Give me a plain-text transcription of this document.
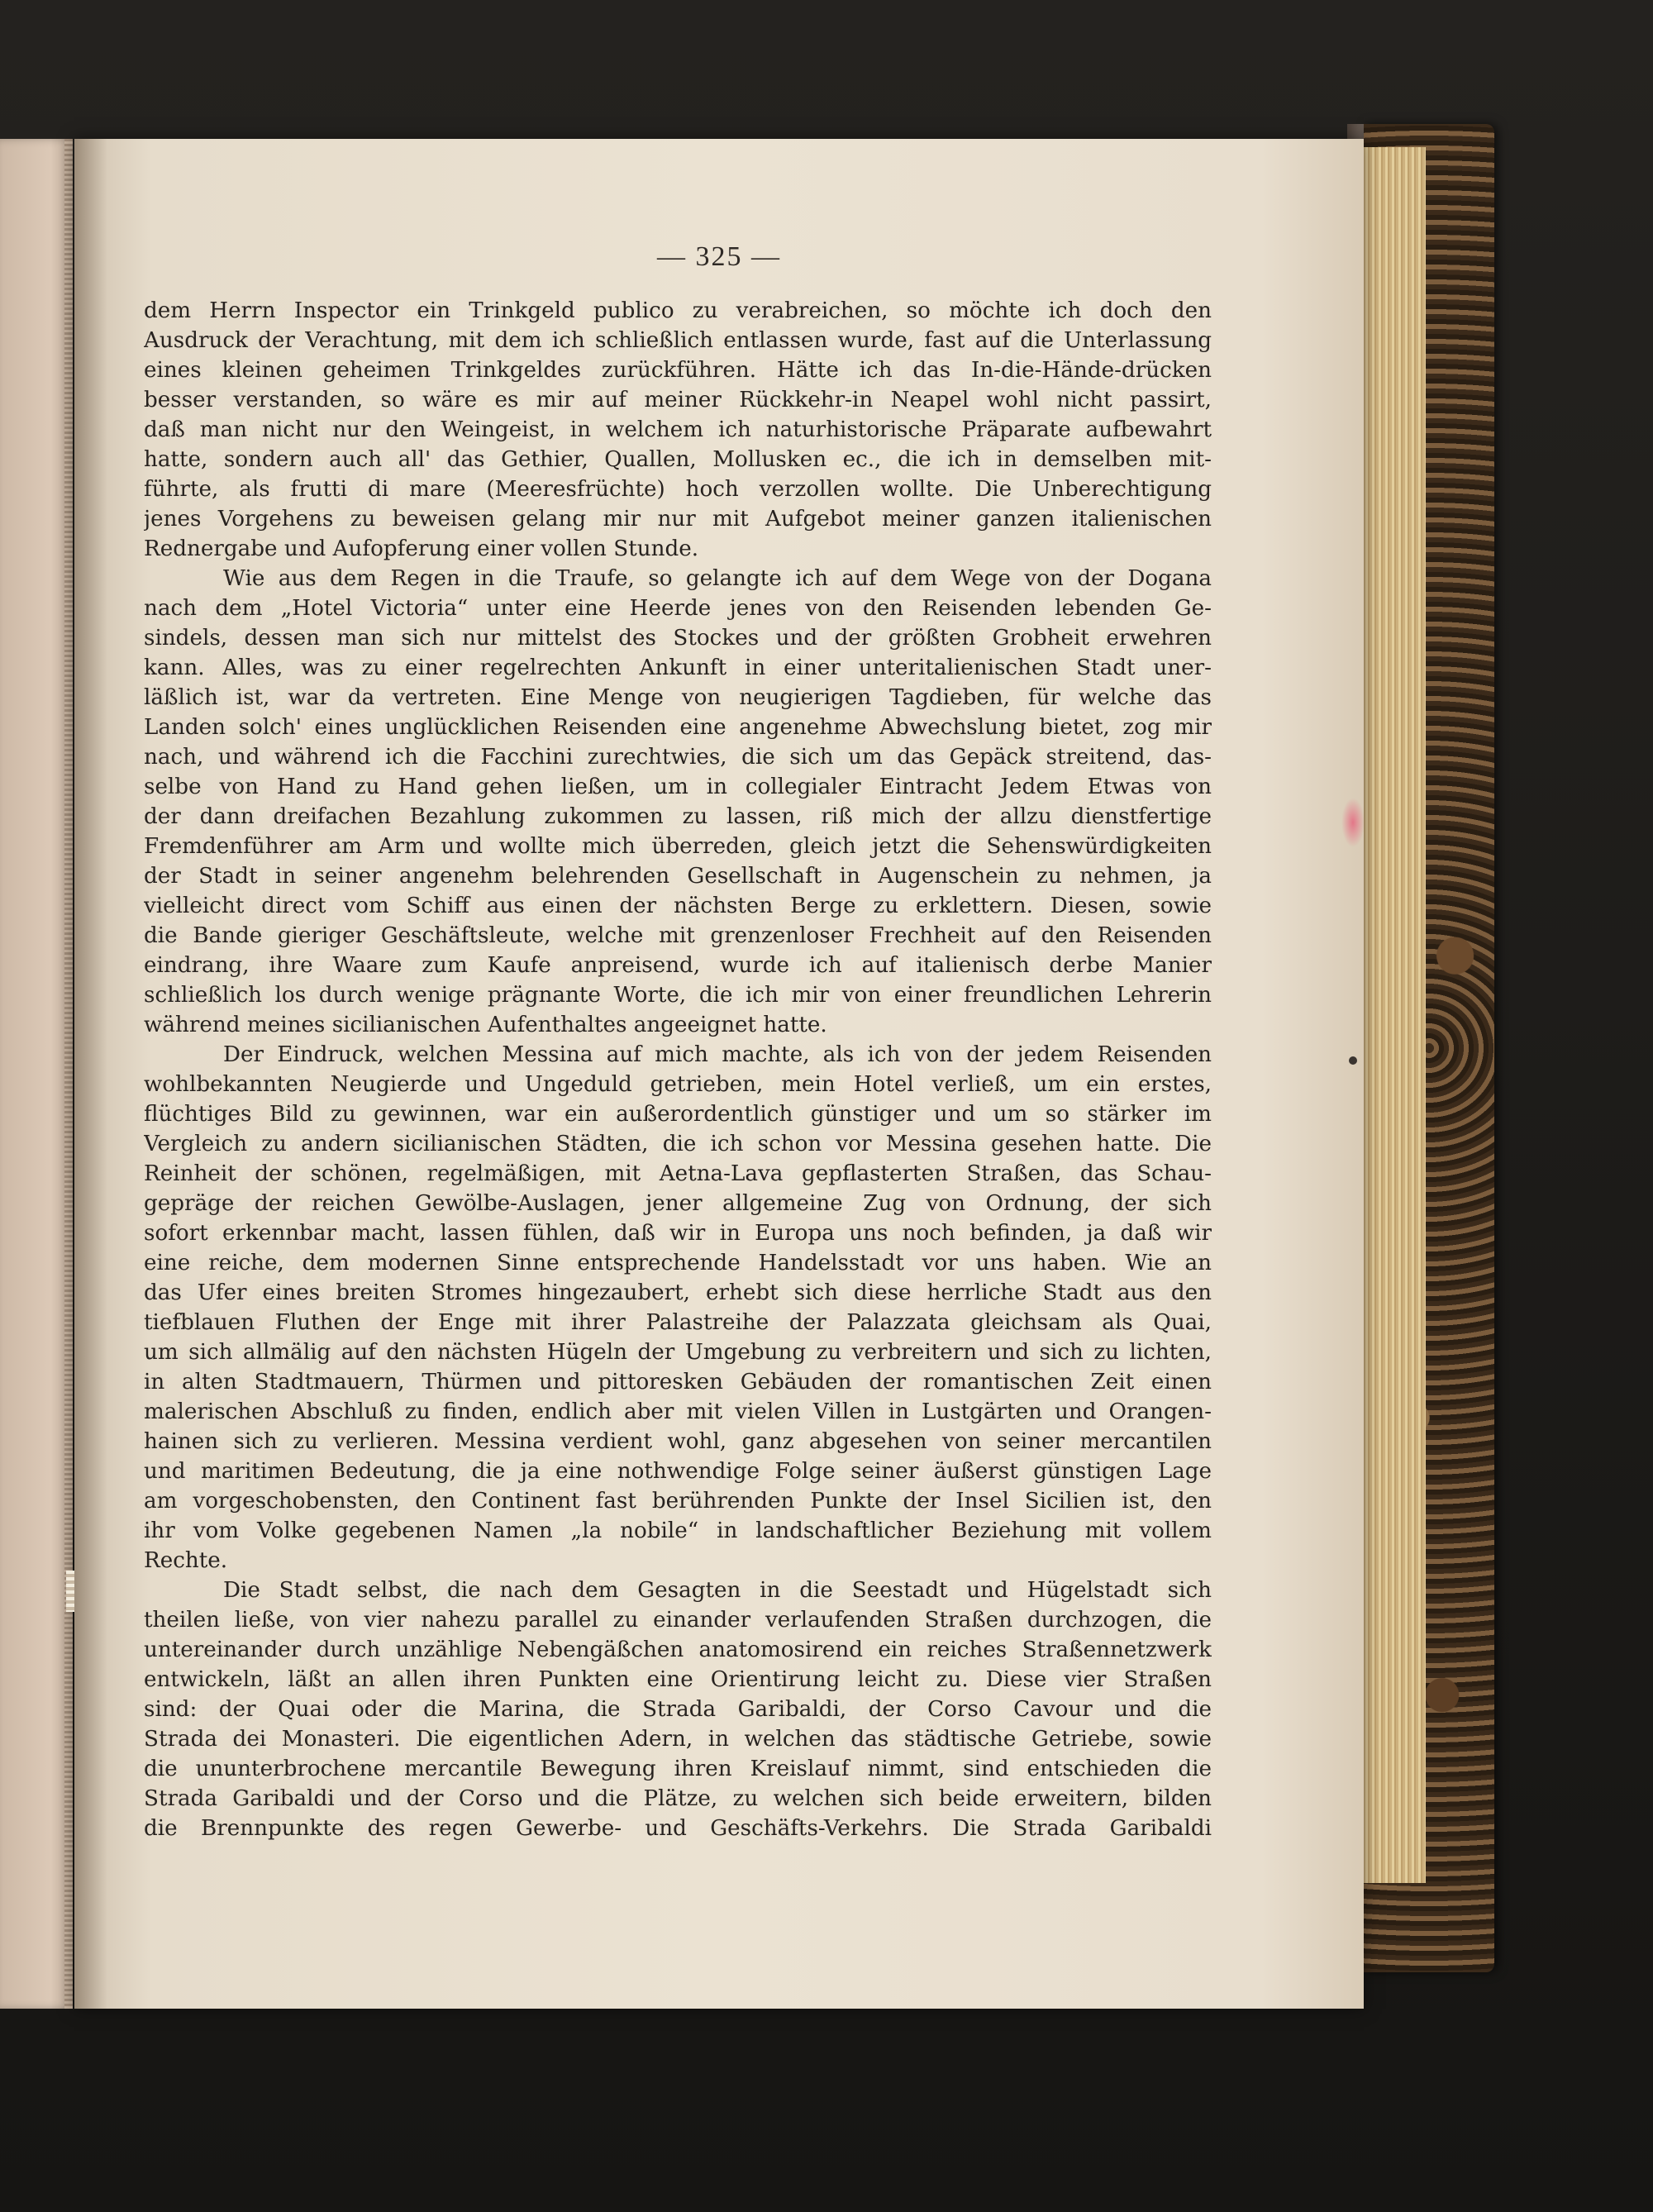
— 325 —
dem Herrn Inspector ein Trinkgeld publico zu verabreichen, so möchte ich doch den
Ausdruck der Verachtung, mit dem ich schließlich entlassen wurde, fast auf die Unterlassung
eines kleinen geheimen Trinkgeldes zurückführen. Hätte ich das In-die-Hände-drücken
besser verstanden, so wäre es mir auf meiner Rückkehr-in Neapel wohl nicht passirt,
daß man nicht nur den Weingeist, in welchem ich naturhistorische Präparate aufbewahrt
hatte, sondern auch all' das Gethier, Quallen, Mollusken ec., die ich in demselben mit-
führte, als frutti di mare (Meeresfrüchte) hoch verzollen wollte. Die Unberechtigung
jenes Vorgehens zu beweisen gelang mir nur mit Aufgebot meiner ganzen italienischen
Rednergabe und Aufopferung einer vollen Stunde.
Wie aus dem Regen in die Traufe, so gelangte ich auf dem Wege von der Dogana
nach dem „Hotel Victoria“ unter eine Heerde jenes von den Reisenden lebenden Ge-
sindels, dessen man sich nur mittelst des Stockes und der größten Grobheit erwehren
kann. Alles, was zu einer regelrechten Ankunft in einer unteritalienischen Stadt uner-
läßlich ist, war da vertreten. Eine Menge von neugierigen Tagdieben, für welche das
Landen solch' eines unglücklichen Reisenden eine angenehme Abwechslung bietet, zog mir
nach, und während ich die Facchini zurechtwies, die sich um das Gepäck streitend, das-
selbe von Hand zu Hand gehen ließen, um in collegialer Eintracht Jedem Etwas von
der dann dreifachen Bezahlung zukommen zu lassen, riß mich der allzu dienstfertige
Fremdenführer am Arm und wollte mich überreden, gleich jetzt die Sehenswürdigkeiten
der Stadt in seiner angenehm belehrenden Gesellschaft in Augenschein zu nehmen, ja
vielleicht direct vom Schiff aus einen der nächsten Berge zu erklettern. Diesen, sowie
die Bande gieriger Geschäftsleute, welche mit grenzenloser Frechheit auf den Reisenden
eindrang, ihre Waare zum Kaufe anpreisend, wurde ich auf italienisch derbe Manier
schließlich los durch wenige prägnante Worte, die ich mir von einer freundlichen Lehrerin
während meines sicilianischen Aufenthaltes angeeignet hatte.
Der Eindruck, welchen Messina auf mich machte, als ich von der jedem Reisenden
wohlbekannten Neugierde und Ungeduld getrieben, mein Hotel verließ, um ein erstes,
flüchtiges Bild zu gewinnen, war ein außerordentlich günstiger und um so stärker im
Vergleich zu andern sicilianischen Städten, die ich schon vor Messina gesehen hatte. Die
Reinheit der schönen, regelmäßigen, mit Aetna-Lava gepflasterten Straßen, das Schau-
gepräge der reichen Gewölbe-Auslagen, jener allgemeine Zug von Ordnung, der sich
sofort erkennbar macht, lassen fühlen, daß wir in Europa uns noch befinden, ja daß wir
eine reiche, dem modernen Sinne entsprechende Handelsstadt vor uns haben. Wie an
das Ufer eines breiten Stromes hingezaubert, erhebt sich diese herrliche Stadt aus den
tiefblauen Fluthen der Enge mit ihrer Palastreihe der Palazzata gleichsam als Quai,
um sich allmälig auf den nächsten Hügeln der Umgebung zu verbreitern und sich zu lichten,
in alten Stadtmauern, Thürmen und pittoresken Gebäuden der romantischen Zeit einen
malerischen Abschluß zu finden, endlich aber mit vielen Villen in Lustgärten und Orangen-
hainen sich zu verlieren. Messina verdient wohl, ganz abgesehen von seiner mercantilen
und maritimen Bedeutung, die ja eine nothwendige Folge seiner äußerst günstigen Lage
am vorgeschobensten, den Continent fast berührenden Punkte der Insel Sicilien ist, den
ihr vom Volke gegebenen Namen „la nobile“ in landschaftlicher Beziehung mit vollem
Rechte.
Die Stadt selbst, die nach dem Gesagten in die Seestadt und Hügelstadt sich
theilen ließe, von vier nahezu parallel zu einander verlaufenden Straßen durchzogen, die
untereinander durch unzählige Nebengäßchen anatomosirend ein reiches Straßennetzwerk
entwickeln, läßt an allen ihren Punkten eine Orientirung leicht zu. Diese vier Straßen
sind: der Quai oder die Marina, die Strada Garibaldi, der Corso Cavour und die
Strada dei Monasteri. Die eigentlichen Adern, in welchen das städtische Getriebe, sowie
die ununterbrochene mercantile Bewegung ihren Kreislauf nimmt, sind entschieden die
Strada Garibaldi und der Corso und die Plätze, zu welchen sich beide erweitern, bilden
die Brennpunkte des regen Gewerbe- und Geschäfts-Verkehrs. Die Strada Garibaldi
